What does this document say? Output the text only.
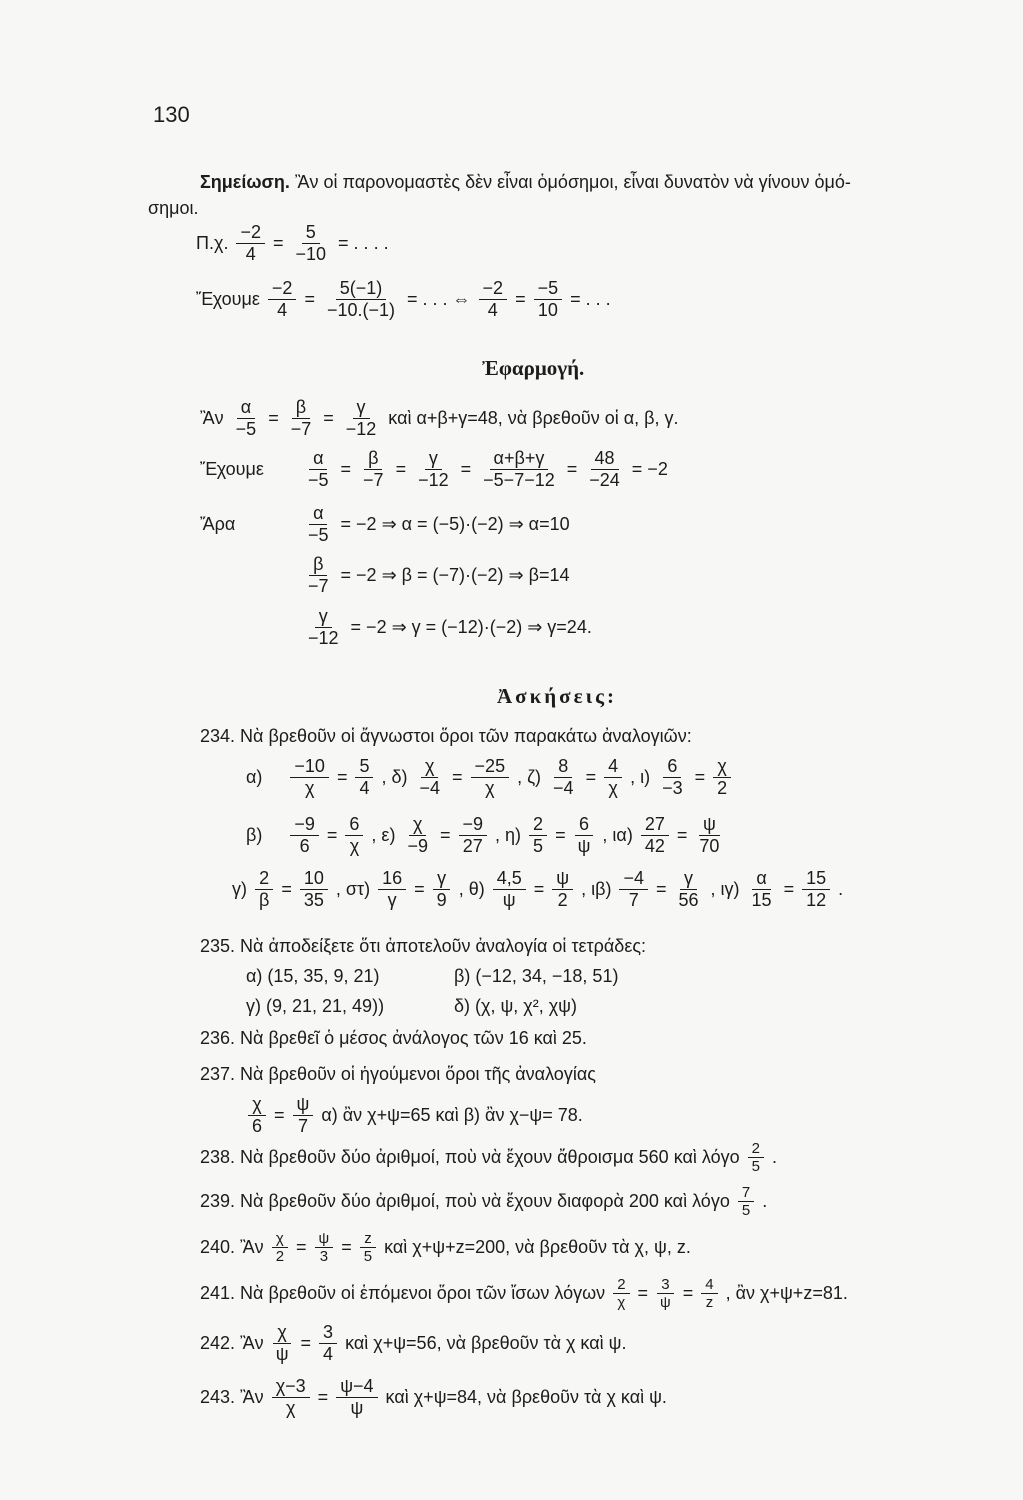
130
Σημείωση. Ἂν οἱ παρονομαστὲς δὲν εἶναι ὁμόσημοι, εἶναι δυνατὸν νὰ γίνουν ὁμό-
σημοι.
Π.χ. $\frac{-2}{4} = \frac{5}{-10}$ = . . . .
Ἔχουμε $\frac{-2}{4} = \frac{5(-1)}{-10.(-1)}$ = . . . ⇔ $\frac{-2}{4} = \frac{-5}{10}$ = . . .
Ἐφαρμογή.
Ἂν $\frac{\alpha}{-5} = \frac{\beta}{-7} = \frac{\gamma}{-12}$ καὶ α+β+γ=48, νὰ βρεθοῦν οἱ α, β, γ.
Ἔχουμε	$\frac{\alpha}{-5} = \frac{\beta}{-7} = \frac{\gamma}{-12} = \frac{\alpha+\beta+\gamma}{-5-7-12} = \frac{48}{-24} = -2$
Ἄρα	$\frac{\alpha}{-5} = -2$ ⇒ α = (−5)·(−2) ⇒ α=10
$\frac{\beta}{-7} = -2$ ⇒ β = (−7)·(−2) ⇒ β=14
$\frac{\gamma}{-12} = -2$ ⇒ γ = (−12)·(−2) ⇒ γ=24.
Ἀσκήσεις:
234. Νὰ βρεθοῦν οἱ ἄγνωστοι ὅροι τῶν παρακάτω ἀναλογιῶν:
$\alpha) \frac{-10}{\chi} = \frac{5}{4}$ , $\delta) \frac{\chi}{-4} = \frac{-25}{\chi}$ , $\zeta) \frac{8}{-4} = \frac{4}{\chi}$ , $\iota) \frac{6}{-3} = \frac{\chi}{2}$
$\beta) \frac{-9}{6} = \frac{6}{\chi}$ , $\varepsilon) \frac{\chi}{-9} = \frac{-9}{27}$ , $\eta) \frac{2}{5} = \frac{6}{\psi}$ , $\iota\alpha) \frac{27}{42} = \frac{\psi}{70}$
$\gamma) \frac{2}{\beta} = \frac{10}{35}$ , $\sigma\tau) \frac{16}{\gamma} = \frac{\gamma}{9}$ , $\theta) \frac{4,5}{\psi} = \frac{\psi}{2}$ , $\iota\beta) \frac{-4}{7} = \frac{\gamma}{56}$ , $\iota\gamma) \frac{\alpha}{15} = \frac{15}{12}$ .
235. Νὰ ἀποδείξετε ὅτι ἀποτελοῦν ἀναλογία οἱ τετράδες:
α) (15, 35, 9, 21)	β) (−12, 34, −18, 51)
γ) (9, 21, 21, 49))	δ) (χ, ψ, χ², χψ)
236. Νὰ βρεθεῖ ὁ μέσος ἀνάλογος τῶν 16 καὶ 25.
237. Νὰ βρεθοῦν οἱ ἡγούμενοι ὅροι τῆς ἀναλογίας
$\frac{\chi}{6} = \frac{\psi}{7} \alpha$) ἂν χ+ψ=65 καὶ β) ἂν χ−ψ= 78.
238. Νὰ βρεθοῦν δύο ἀριθμοί, ποὺ νὰ ἔχουν ἄθροισμα 560 καὶ λόγο $\frac{2}{5}$ .
239. Νὰ βρεθοῦν δύο ἀριθμοί, ποὺ νὰ ἔχουν διαφορὰ 200 καὶ λόγο $\frac{7}{5}$ .
240. Ἂν $\frac{\chi}{2} = \frac{\psi}{3} = \frac{z}{5}$ καὶ χ+ψ+z=200, νὰ βρεθοῦν τὰ χ, ψ, z.
241. Νὰ βρεθοῦν οἱ ἑπόμενοι ὅροι τῶν ἴσων λόγων $\frac{2}{\chi} = \frac{3}{\psi} = \frac{4}{z}$ , ἂν χ+ψ+z=81.
242. Ἂν $\frac{\chi}{\psi} = \frac{3}{4}$ καὶ χ+ψ=56, νὰ βρεθοῦν τὰ χ καὶ ψ.
243. Ἂν $\frac{\chi-3}{\chi} = \frac{\psi-4}{\psi}$ καὶ χ+ψ=84, νὰ βρεθοῦν τὰ χ καὶ ψ.
